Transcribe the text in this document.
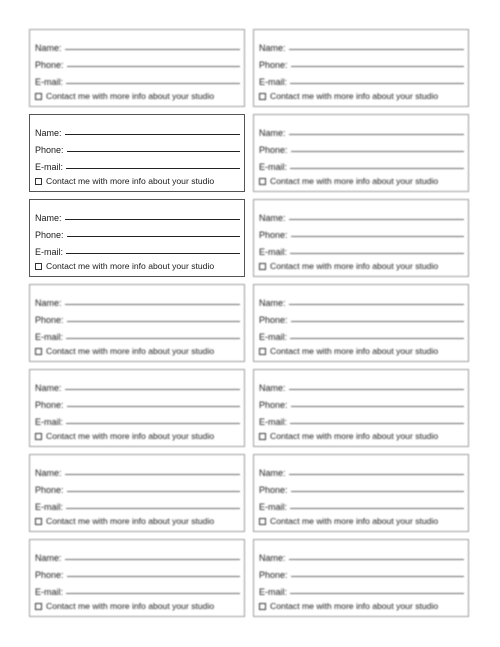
Name:
Phone:
E-mail:
Contact me with more info about your studio
Name:
Phone:
E-mail:
Contact me with more info about your studio
Name:
Phone:
E-mail:
Contact me with more info about your studio
Name:
Phone:
E-mail:
Contact me with more info about your studio
Name:
Phone:
E-mail:
Contact me with more info about your studio
Name:
Phone:
E-mail:
Contact me with more info about your studio
Name:
Phone:
E-mail:
Contact me with more info about your studio
Name:
Phone:
E-mail:
Contact me with more info about your studio
Name:
Phone:
E-mail:
Contact me with more info about your studio
Name:
Phone:
E-mail:
Contact me with more info about your studio
Name:
Phone:
E-mail:
Contact me with more info about your studio
Name:
Phone:
E-mail:
Contact me with more info about your studio
Name:
Phone:
E-mail:
Contact me with more info about your studio
Name:
Phone:
E-mail:
Contact me with more info about your studio
